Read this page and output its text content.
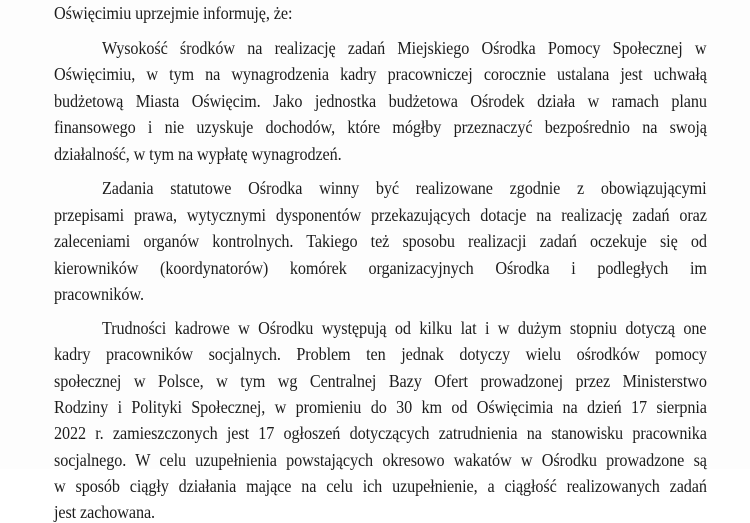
Oświęcimiu uprzejmie informuję, że:
Wysokość środków na realizację zadań Miejskiego Ośrodka Pomocy Społecznej w
Oświęcimiu, w tym na wynagrodzenia kadry pracowniczej corocznie ustalana jest uchwałą
budżetową Miasta Oświęcim. Jako jednostka budżetowa Ośrodek działa w ramach planu
finansowego i nie uzyskuje dochodów, które mógłby przeznaczyć bezpośrednio na swoją
działalność, w tym na wypłatę wynagrodzeń.
Zadania statutowe Ośrodka winny być realizowane zgodnie z obowiązującymi
przepisami prawa, wytycznymi dysponentów przekazujących dotacje na realizację zadań oraz
zaleceniami organów kontrolnych. Takiego też sposobu realizacji zadań oczekuje się od
kierowników (koordynatorów) komórek organizacyjnych Ośrodka i podległych im
pracowników.
Trudności kadrowe w Ośrodku występują od kilku lat i w dużym stopniu dotyczą one
kadry pracowników socjalnych. Problem ten jednak dotyczy wielu ośrodków pomocy
społecznej w Polsce, w tym wg Centralnej Bazy Ofert prowadzonej przez Ministerstwo
Rodziny i Polityki Społecznej, w promieniu do 30 km od Oświęcimia na dzień 17 sierpnia
2022 r. zamieszczonych jest 17 ogłoszeń dotyczących zatrudnienia na stanowisku pracownika
socjalnego. W celu uzupełnienia powstających okresowo wakatów w Ośrodku prowadzone są
w sposób ciągły działania mające na celu ich uzupełnienie, a ciągłość realizowanych zadań
jest zachowana.
